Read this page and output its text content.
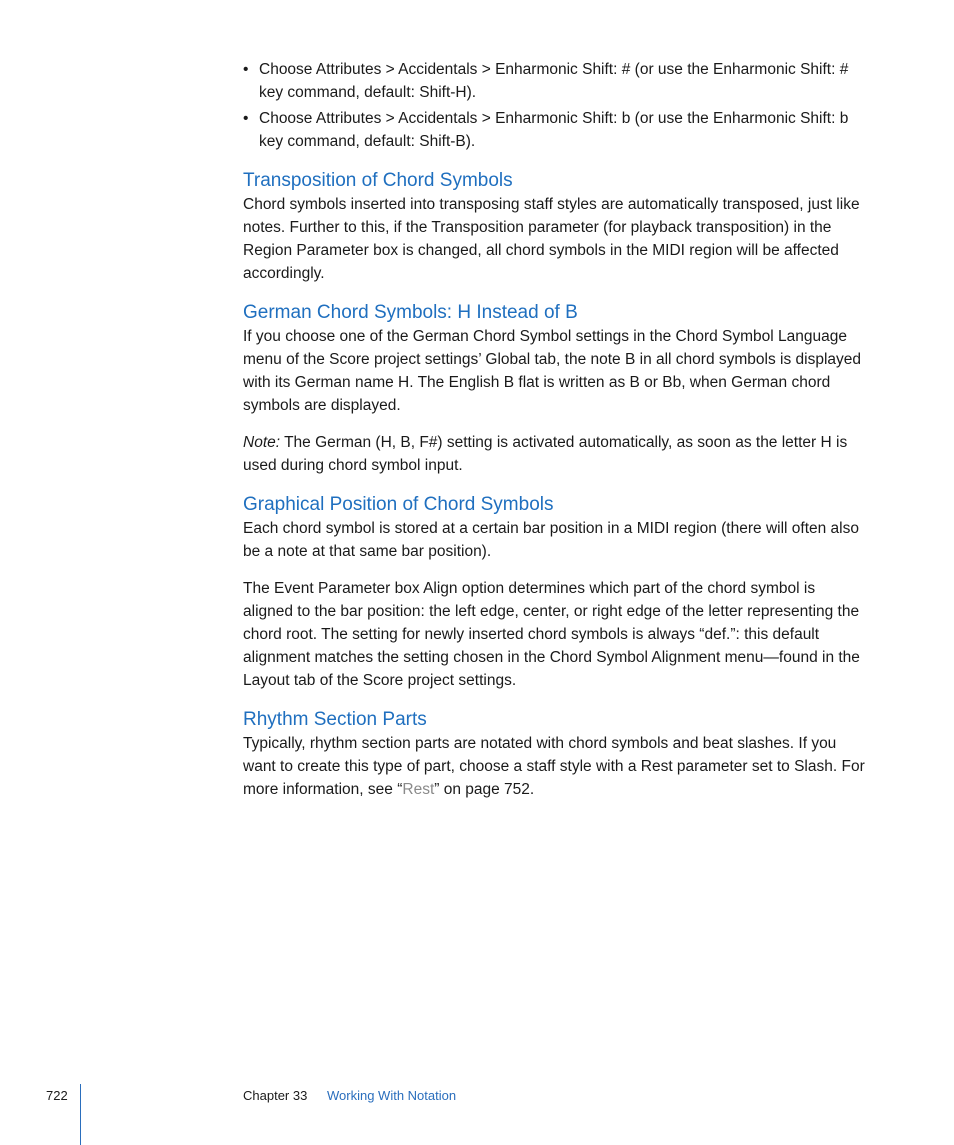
• Choose Attributes > Accidentals > Enharmonic Shift: # (or use the Enharmonic Shift: # key command, default: Shift-H).
• Choose Attributes > Accidentals > Enharmonic Shift: b (or use the Enharmonic Shift: b key command, default: Shift-B).
Transposition of Chord Symbols

Chord symbols inserted into transposing staff styles are automatically transposed, just like notes. Further to this, if the Transposition parameter (for playback transposition) in the Region Parameter box is changed, all chord symbols in the MIDI region will be affected accordingly.

German Chord Symbols: H Instead of B

If you choose one of the German Chord Symbol settings in the Chord Symbol Language menu of the Score project settings’ Global tab, the note B in all chord symbols is displayed with its German name H. The English B flat is written as B or Bb, when German chord symbols are displayed.

Note: The German (H, B, F#) setting is activated automatically, as soon as the letter H is used during chord symbol input.

Graphical Position of Chord Symbols

Each chord symbol is stored at a certain bar position in a MIDI region (there will often also be a note at that same bar position).

The Event Parameter box Align option determines which part of the chord symbol is aligned to the bar position: the left edge, center, or right edge of the letter representing the chord root. The setting for newly inserted chord symbols is always “def.”: this default alignment matches the setting chosen in the Chord Symbol Alignment menu—found in the Layout tab of the Score project settings.

Rhythm Section Parts

Typically, rhythm section parts are notated with chord symbols and beat slashes. If you want to create this type of part, choose a staff style with a Rest parameter set to Slash. For more information, see “Rest” on page 752.

722	Chapter 33 Working With Notation
